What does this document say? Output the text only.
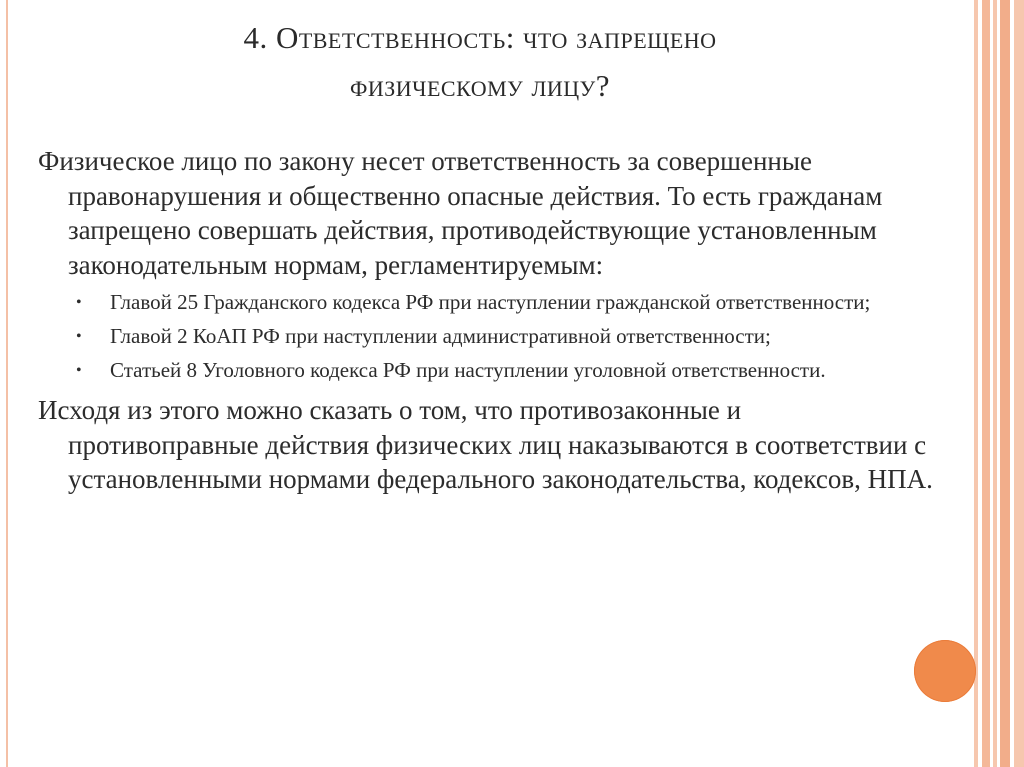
4. Ответственность: что запрещено
физическому лицу?

Физическое лицо по закону несет ответственность за совершенные правонарушения и общественно опасные действия. То есть гражданам запрещено совершать действия, противодействующие установленным законодательным нормам, регламентируемым:

• Главой 25 Гражданского кодекса РФ при наступлении гражданской ответственности;
• Главой 2 КоАП РФ при наступлении административной ответственности;
• Статьей 8 Уголовного кодекса РФ при наступлении уголовной ответственности.

Исходя из этого можно сказать о том, что противозаконные и противоправные действия физических лиц наказываются в соответствии с установленными нормами федерального законодательства, кодексов, НПА.
